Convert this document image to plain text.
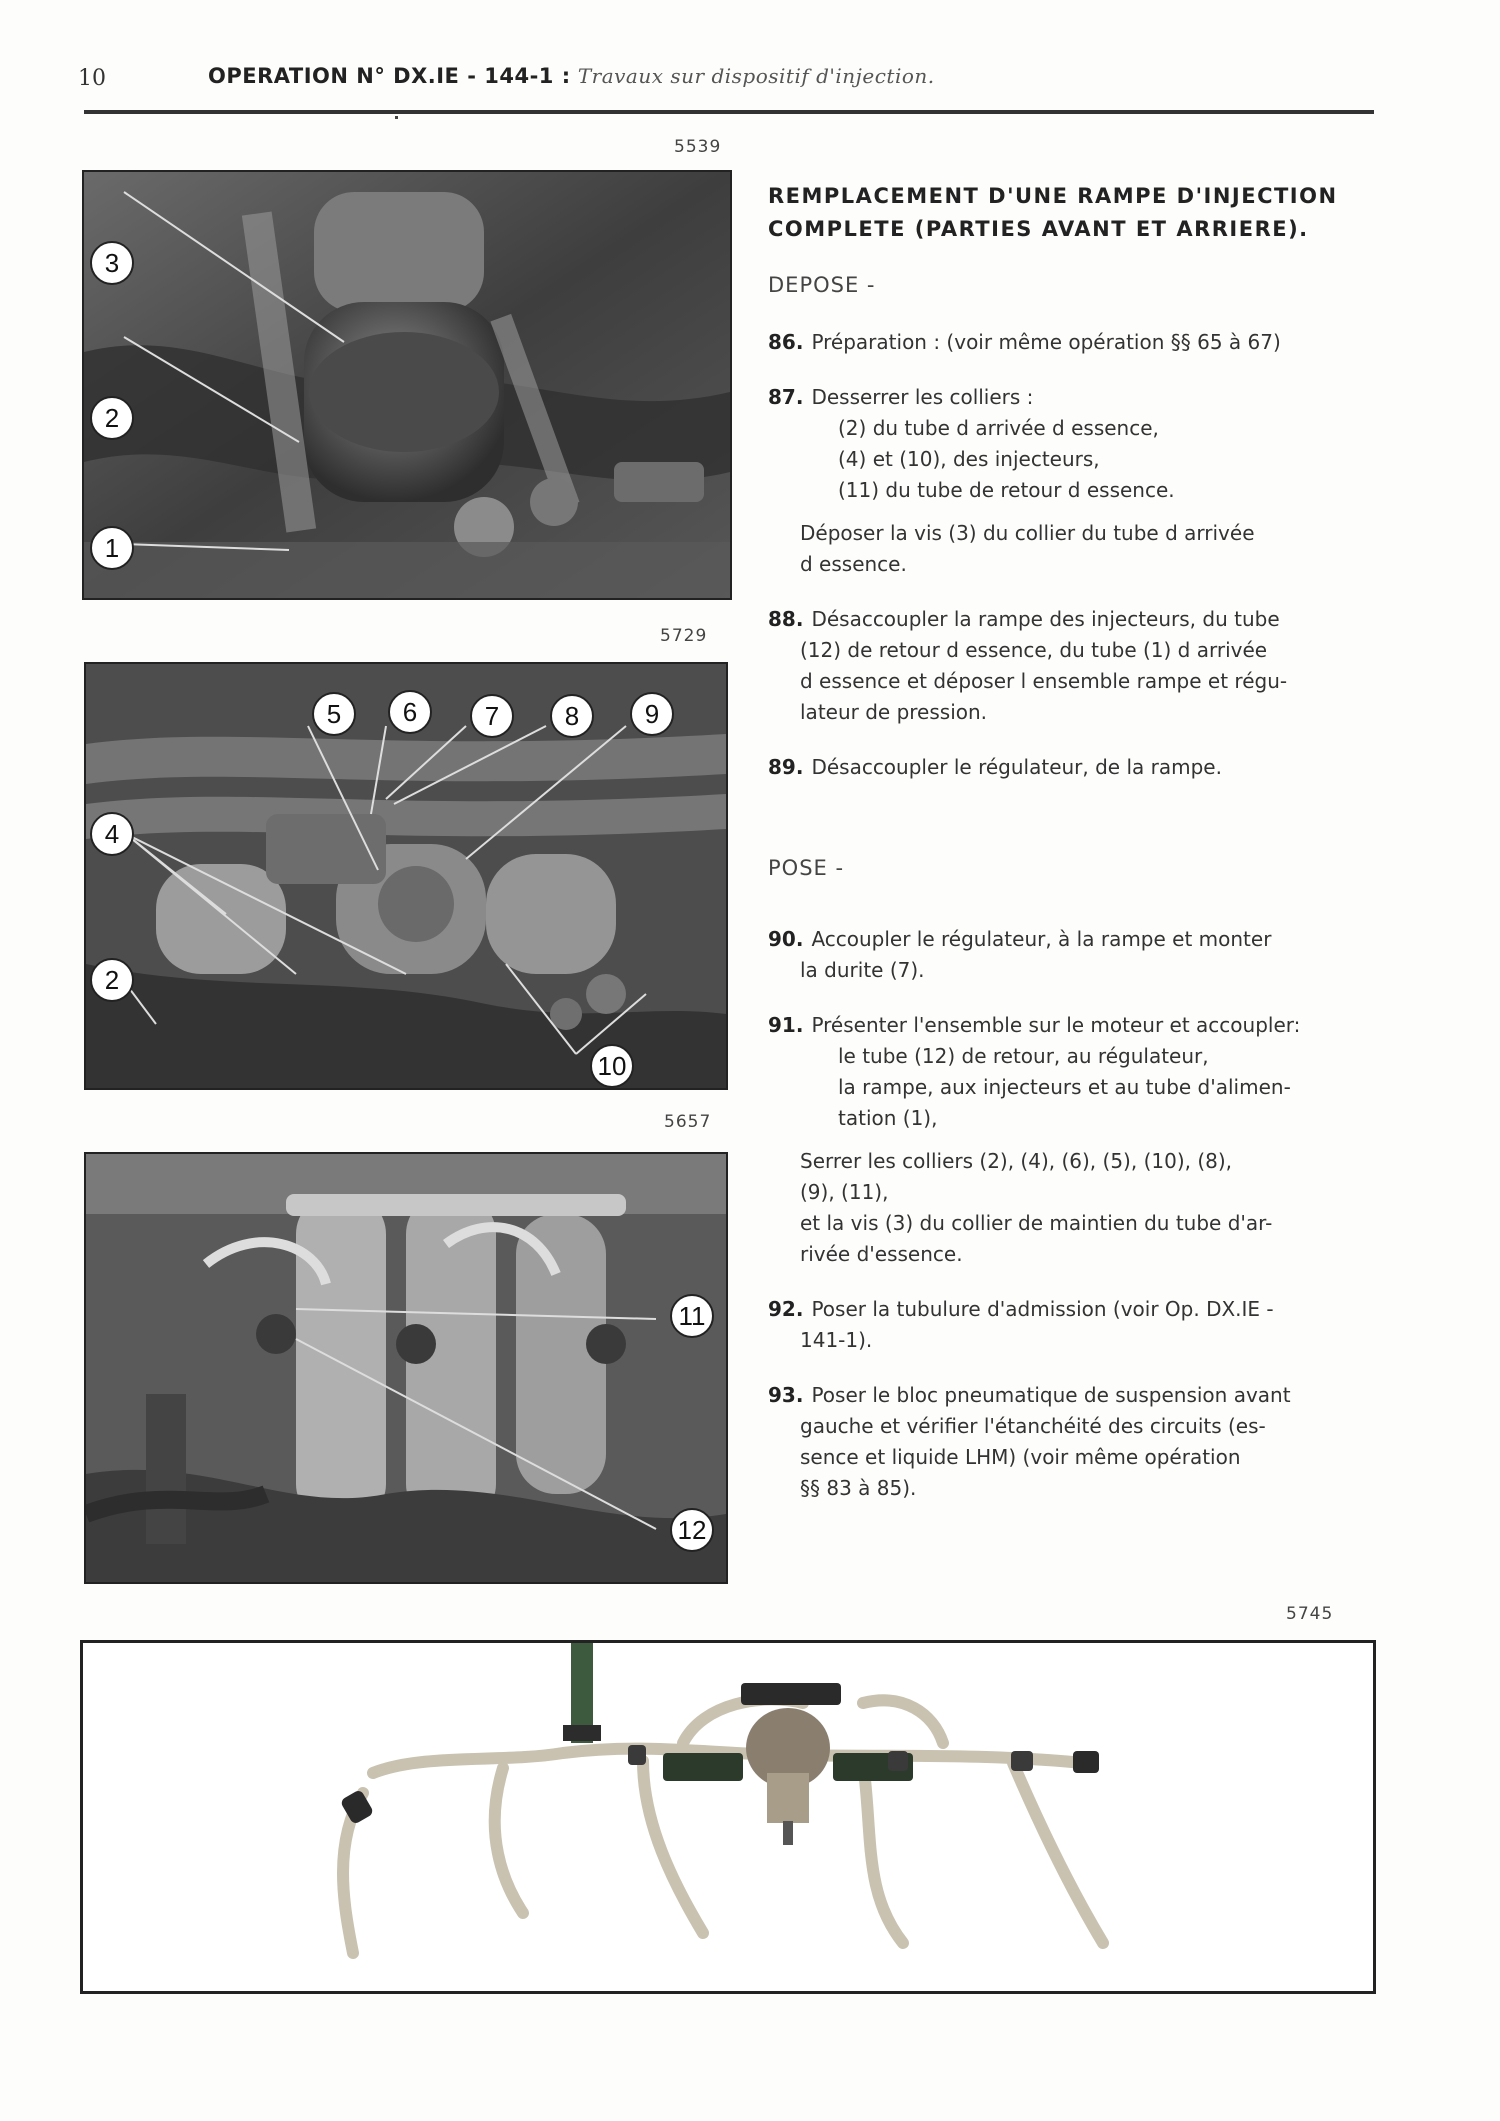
10	OPERATION N° DX.IE - 144-1 : Travaux sur dispositif d'injection.
5539
3
2
1
5729
5	6	7	8	9
4
2
10
5657
11
12
REMPLACEMENT D'UNE RAMPE D'INJECTION
COMPLETE (PARTIES AVANT ET ARRIERE).
DEPOSE -

86. Préparation : (voir même opération §§ 65 à 67)

87. Desserrer les colliers :

(2) du tube d arrivée d essence,

(4) et (10), des injecteurs,

(11) du tube de retour d essence.

Déposer la vis (3) du collier du tube d arrivée

d essence.

88. Désaccoupler la rampe des injecteurs, du tube

(12) de retour d essence, du tube (1) d arrivée

d essence et déposer l ensemble rampe et régu-

lateur de pression.

89. Désaccoupler le régulateur, de la rampe.

POSE -

90. Accoupler le régulateur, à la rampe et monter

la durite (7).

91. Présenter l'ensemble sur le moteur et accoupler:

le tube (12) de retour, au régulateur,

la rampe, aux injecteurs et au tube d'alimen-

tation (1),

Serrer les colliers (2), (4), (6), (5), (10), (8),

(9), (11),

et la vis (3) du collier de maintien du tube d'ar-

rivée d'essence.

92. Poser la tubulure d'admission (voir Op. DX.IE -

141-1).

93. Poser le bloc pneumatique de suspension avant

gauche et vérifier l'étanchéité des circuits (es-

sence et liquide LHM) (voir même opération

§§ 83 à 85).

5745
